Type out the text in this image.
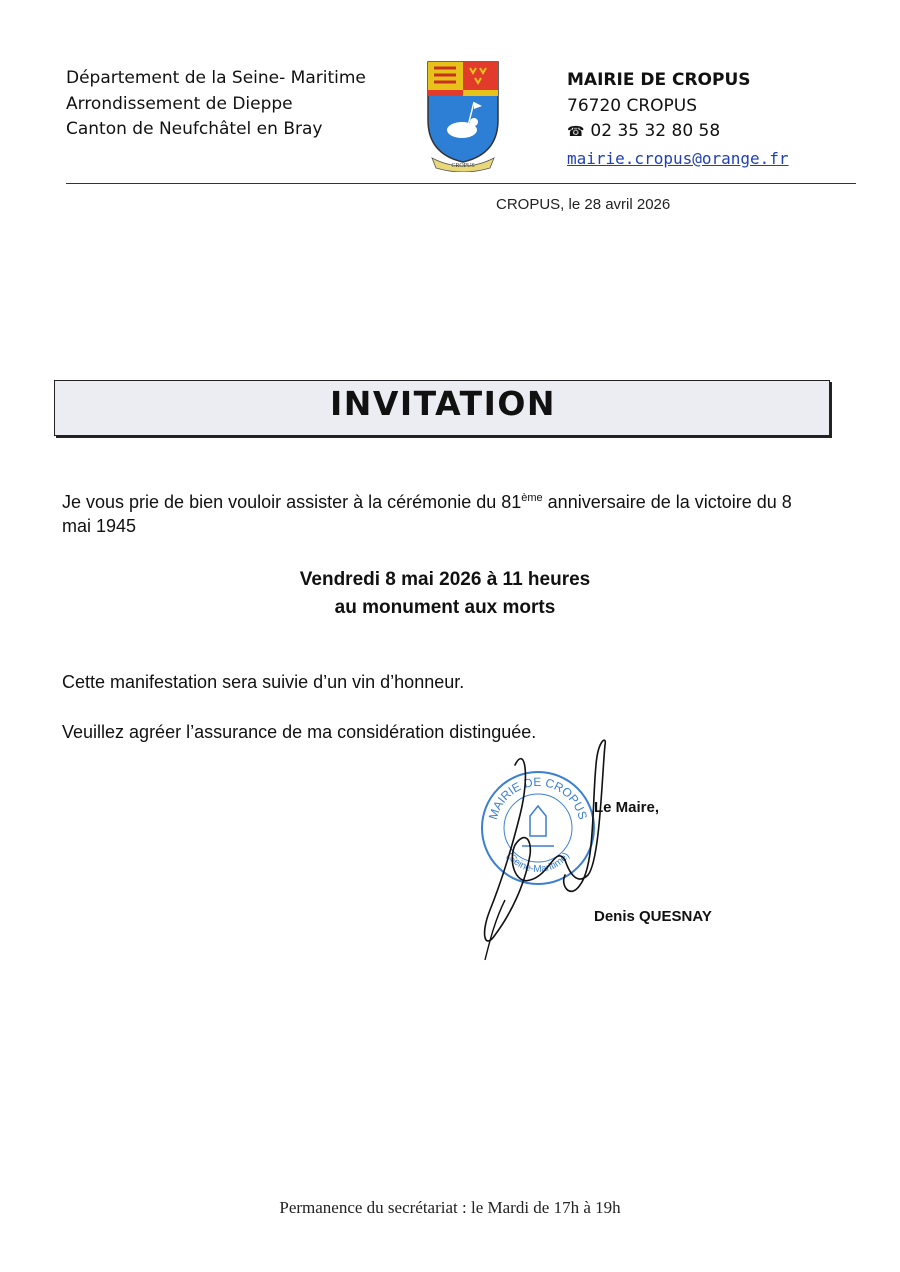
Département de la Seine- Maritime
Arrondissement de Dieppe
Canton de Neufchâtel en Bray
CROPUS
MAIRIE DE CROPUS
76720 CROPUS
☎ 02 35 32 80 58
mairie.cropus@orange.fr
CROPUS, le 28 avril 2026
INVITATION
Je vous prie de bien vouloir assister à la cérémonie du 81ème anniversaire de la victoire du 8 mai 1945
Vendredi 8 mai 2026 à 11 heures
au monument aux morts
Cette manifestation sera suivie d’un vin d’honneur.
Veuillez agréer l’assurance de ma considération distinguée.
MAIRIE DE CROPUS
(Seine-Maritime)
Le Maire,
Denis QUESNAY
Permanence du secrétariat : le Mardi de 17h à 19h
